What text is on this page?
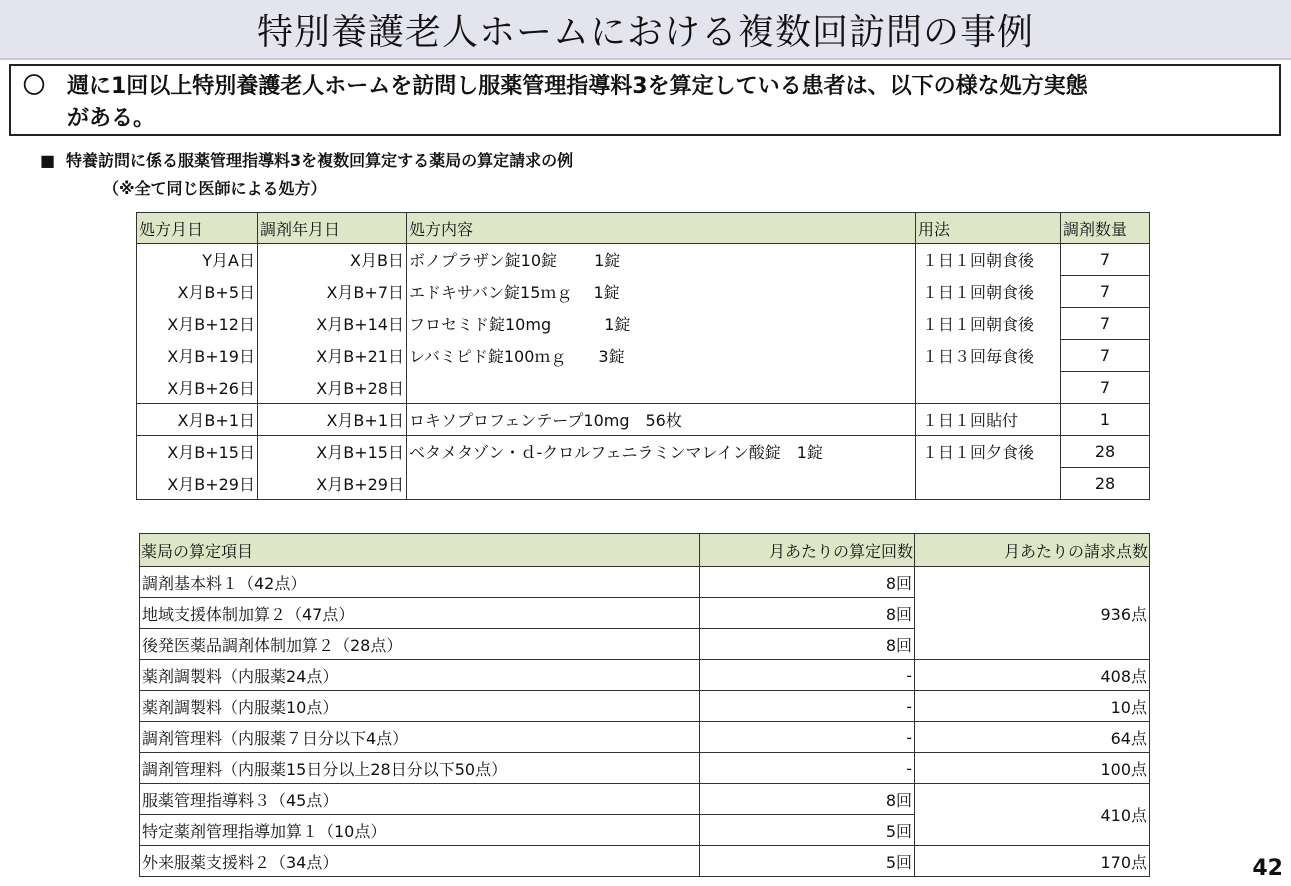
特別養護老人ホームにおける複数回訪問の事例
〇 週に1回以上特別養護老人ホームを訪問し服薬管理指導料3を算定している患者は、以下の様な処方実態
がある。
■ 特養訪問に係る服薬管理指導料3を複数回算定する薬局の算定請求の例
（※全て同じ医師による処方）
処方月日	調剤年月日	処方内容	用法	調剤数量
Y月A日	X月B日	ボノプラザン錠10錠　　 1錠	１日１回朝食後	7
X月B+5日	X月B+7日	エドキサバン錠15ｍｇ　 1錠	１日１回朝食後	7
X月B+12日	X月B+14日	フロセミド錠10mg　　　 1錠	１日１回朝食後	7
X月B+19日	X月B+21日	レバミピド錠100ｍｇ　　3錠	１日３回毎食後	7
X月B+26日	X月B+28日			7
X月B+1日	X月B+1日	ロキソプロフェンテープ10mg　56枚	１日１回貼付	1
X月B+15日	X月B+15日	ベタメタゾン・ｄ-クロルフェニラミンマレイン酸錠　1錠	１日１回夕食後	28
X月B+29日	X月B+29日			28
薬局の算定項目	月あたりの算定回数	月あたりの請求点数
調剤基本料１（42点）	8回	936点
地域支援体制加算２（47点）	8回	
後発医薬品調剤体制加算２（28点）	8回	
薬剤調製料（内服薬24点）	-	408点
薬剤調製料（内服薬10点）	-	10点
調剤管理料（内服薬７日分以下4点）	-	64点
調剤管理料（内服薬15日分以上28日分以下50点）	-	100点
服薬管理指導料３（45点）	8回	410点
特定薬剤管理指導加算１（10点）	5回	
外来服薬支援料２（34点）	5回	170点	42
